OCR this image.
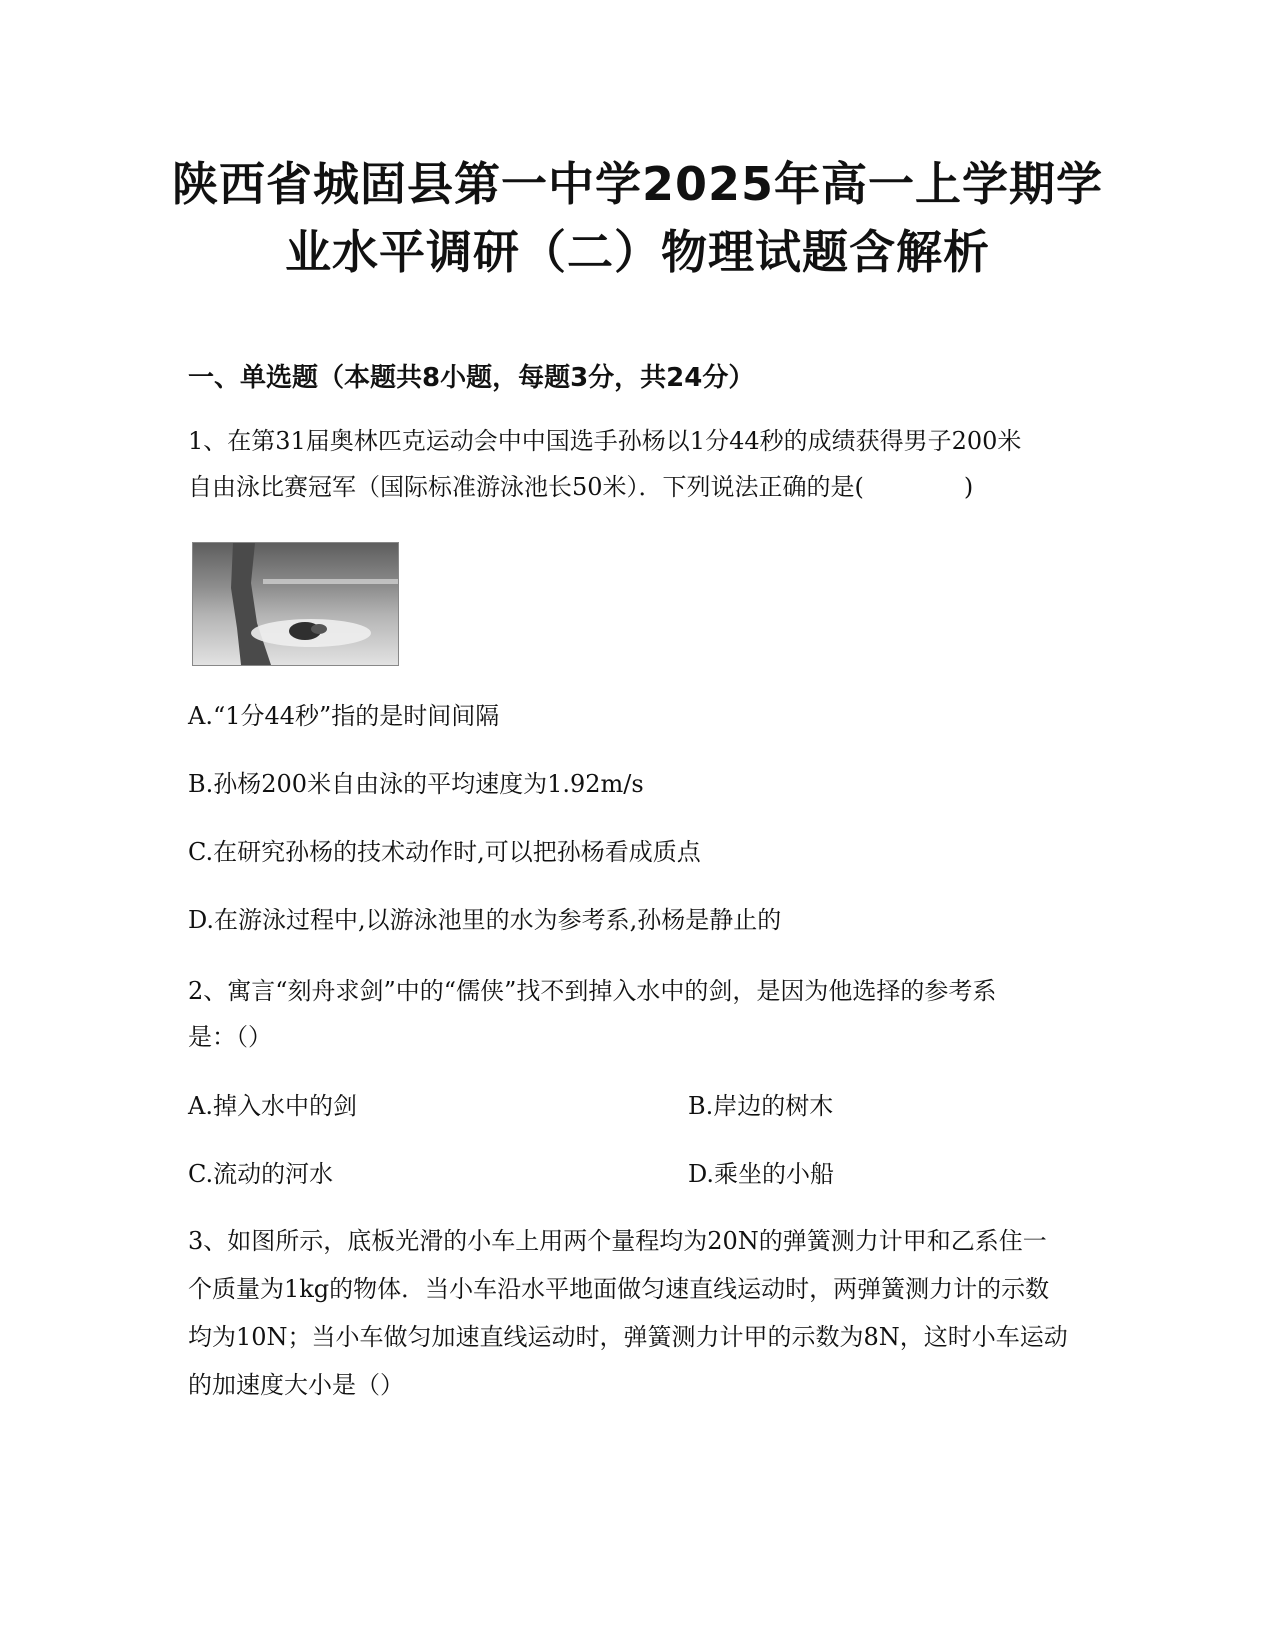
陕西省城固县第一中学2025年高一上学期学
业水平调研（二）物理试题含解析
一、单选题（本题共8小题，每题3分，共24分）

1、在第31届奥林匹克运动会中中国选手孙杨以1分44秒的成绩获得男子200米

自由泳比赛冠军（国际标准游泳池长50米）．下列说法正确的是(	)

A.“1分44秒”指的是时间间隔

B.孙杨200米自由泳的平均速度为1.92m/s

C.在研究孙杨的技术动作时,可以把孙杨看成质点

D.在游泳过程中,以游泳池里的水为参考系,孙杨是静止的

2、寓言“刻舟求剑”中的“儒侠”找不到掉入水中的剑，是因为他选择的参考系

是：（）

A.掉入水中的剑	B.岸边的树木

C.流动的河水	D.乘坐的小船

3、如图所示，底板光滑的小车上用两个量程均为20N的弹簧测力计甲和乙系住一

个质量为1kg的物体．当小车沿水平地面做匀速直线运动时，两弹簧测力计的示数

均为10N；当小车做匀加速直线运动时，弹簧测力计甲的示数为8N，这时小车运动

的加速度大小是（）
